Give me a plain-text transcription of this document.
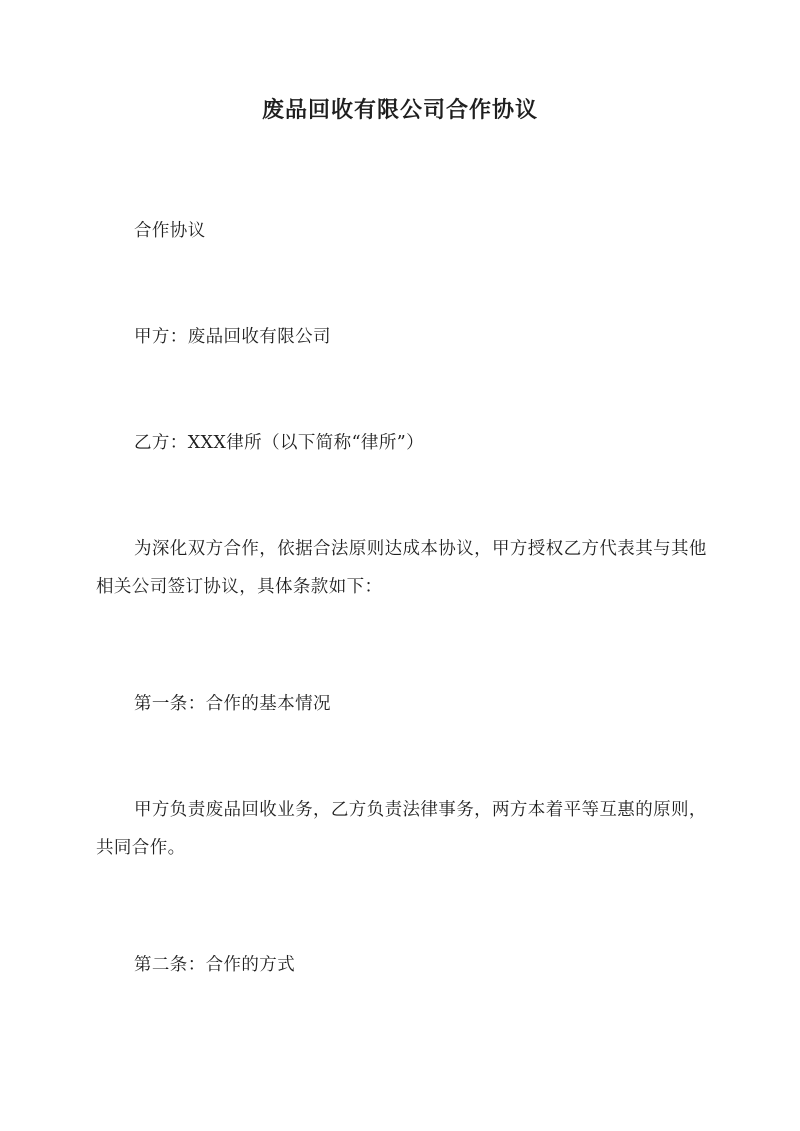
废品回收有限公司合作协议

合作协议

甲方：废品回收有限公司

乙方：XXX律所（以下简称“律所”）

为深化双方合作，依据合法原则达成本协议，甲方授权乙方代表其与其他相关公司签订协议，具体条款如下：

第一条：合作的基本情况

甲方负责废品回收业务，乙方负责法律事务，两方本着平等互惠的原则，共同合作。

第二条：合作的方式
